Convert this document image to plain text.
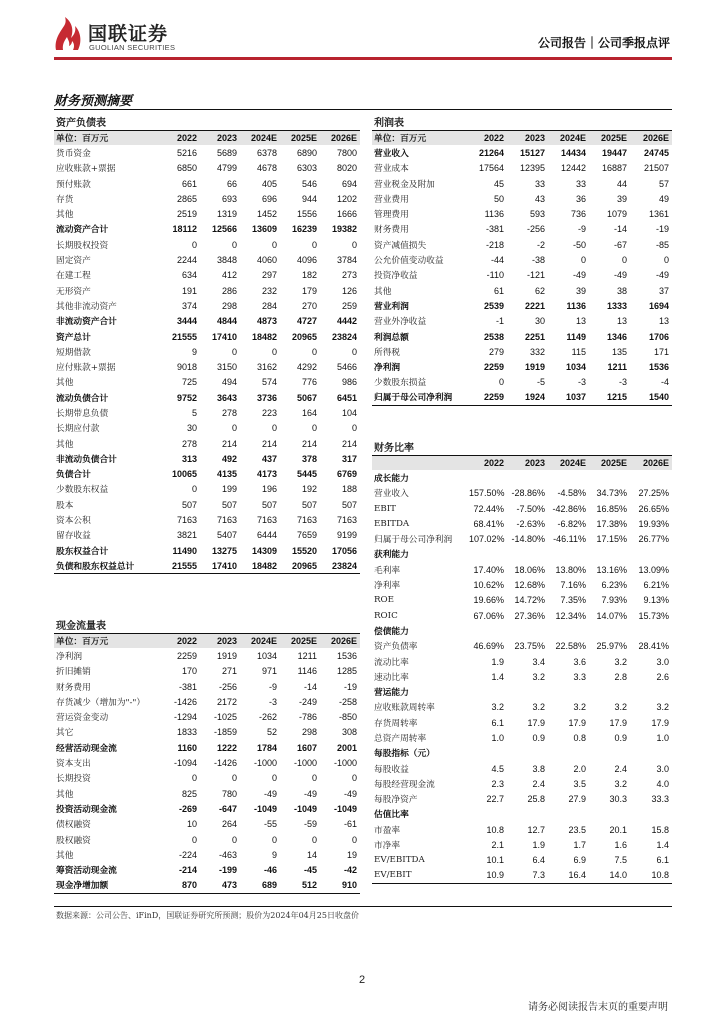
国联证券
GUOLIAN SECURITIES	公司报告｜公司季报点评
财务预测摘要
资产负债表					
单位：百万元	2022	2023	2024E	2025E	2026E
货币资金	5216	5689	6378	6890	7800
应收账款+票据	6850	4799	4678	6303	8020
预付账款	661	66	405	546	694
存货	2865	693	696	944	1202
其他	2519	1319	1452	1556	1666
流动资产合计	18112	12566	13609	16239	19382
长期股权投资	0	0	0	0	0
固定资产	2244	3848	4060	4096	3784
在建工程	634	412	297	182	273
无形资产	191	286	232	179	126
其他非流动资产	374	298	284	270	259
非流动资产合计	3444	4844	4873	4727	4442
资产总计	21555	17410	18482	20965	23824
短期借款	9	0	0	0	0
应付账款+票据	9018	3150	3162	4292	5466
其他	725	494	574	776	986
流动负债合计	9752	3643	3736	5067	6451
长期带息负债	5	278	223	164	104
长期应付款	30	0	0	0	0
其他	278	214	214	214	214
非流动负债合计	313	492	437	378	317
负债合计	10065	4135	4173	5445	6769
少数股东权益	0	199	196	192	188
股本	507	507	507	507	507
资本公积	7163	7163	7163	7163	7163
留存收益	3821	5407	6444	7659	9199
股东权益合计	11490	13275	14309	15520	17056
负债和股东权益总计	21555	17410	18482	20965	23824
现金流量表					
单位：百万元	2022	2023	2024E	2025E	2026E
净利润	2259	1919	1034	1211	1536
折旧摊销	170	271	971	1146	1285
财务费用	-381	-256	-9	-14	-19
存货减少（增加为"-"）	-1426	2172	-3	-249	-258
营运资金变动	-1294	-1025	-262	-786	-850
其它	1833	-1859	52	298	308
经营活动现金流	1160	1222	1784	1607	2001
资本支出	-1094	-1426	-1000	-1000	-1000
长期投资	0	0	0	0	0
其他	825	780	-49	-49	-49
投资活动现金流	-269	-647	-1049	-1049	-1049
债权融资	10	264	-55	-59	-61
股权融资	0	0	0	0	0
其他	-224	-463	9	14	19
筹资活动现金流	-214	-199	-46	-45	-42
现金净增加额	870	473	689	512	910
利润表					
单位：百万元	2022	2023	2024E	2025E	2026E
营业收入	21264	15127	14434	19447	24745
营业成本	17564	12395	12442	16887	21507
营业税金及附加	45	33	33	44	57
营业费用	50	43	36	39	49
管理费用	1136	593	736	1079	1361
财务费用	-381	-256	-9	-14	-19
资产减值损失	-218	-2	-50	-67	-85
公允价值变动收益	-44	-38	0	0	0
投资净收益	-110	-121	-49	-49	-49
其他	61	62	39	38	37
营业利润	2539	2221	1136	1333	1694
营业外净收益	-1	30	13	13	13
利润总额	2538	2251	1149	1346	1706
所得税	279	332	115	135	171
净利润	2259	1919	1034	1211	1536
少数股东损益	0	-5	-3	-3	-4
归属于母公司净利润	2259	1924	1037	1215	1540
财务比率					
	2022	2023	2024E	2025E	2026E
成长能力					
营业收入	157.50%	-28.86%	-4.58%	34.73%	27.25%
EBIT	72.44%	-7.50%	-42.86%	16.85%	26.65%
EBITDA	68.41%	-2.63%	-6.82%	17.38%	19.93%
归属于母公司净利润	107.02%	-14.80%	-46.11%	17.15%	26.77%
获利能力					
毛利率	17.40%	18.06%	13.80%	13.16%	13.09%
净利率	10.62%	12.68%	7.16%	6.23%	6.21%
ROE	19.66%	14.72%	7.35%	7.93%	9.13%
ROIC	67.06%	27.36%	12.34%	14.07%	15.73%
偿债能力					
资产负债率	46.69%	23.75%	22.58%	25.97%	28.41%
流动比率	1.9	3.4	3.6	3.2	3.0
速动比率	1.4	3.2	3.3	2.8	2.6
营运能力					
应收账款周转率	3.2	3.2	3.2	3.2	3.2
存货周转率	6.1	17.9	17.9	17.9	17.9
总资产周转率	1.0	0.9	0.8	0.9	1.0
每股指标（元）					
每股收益	4.5	3.8	2.0	2.4	3.0
每股经营现金流	2.3	2.4	3.5	3.2	4.0
每股净资产	22.7	25.8	27.9	30.3	33.3
估值比率					
市盈率	10.8	12.7	23.5	20.1	15.8
市净率	2.1	1.9	1.7	1.6	1.4
EV/EBITDA	10.1	6.4	6.9	7.5	6.1
EV/EBIT	10.9	7.3	16.4	14.0	10.8
数据来源：公司公告、iFinD，国联证券研究所预测；股价为2024年04月25日收盘价
2
请务必阅读报告末页的重要声明
